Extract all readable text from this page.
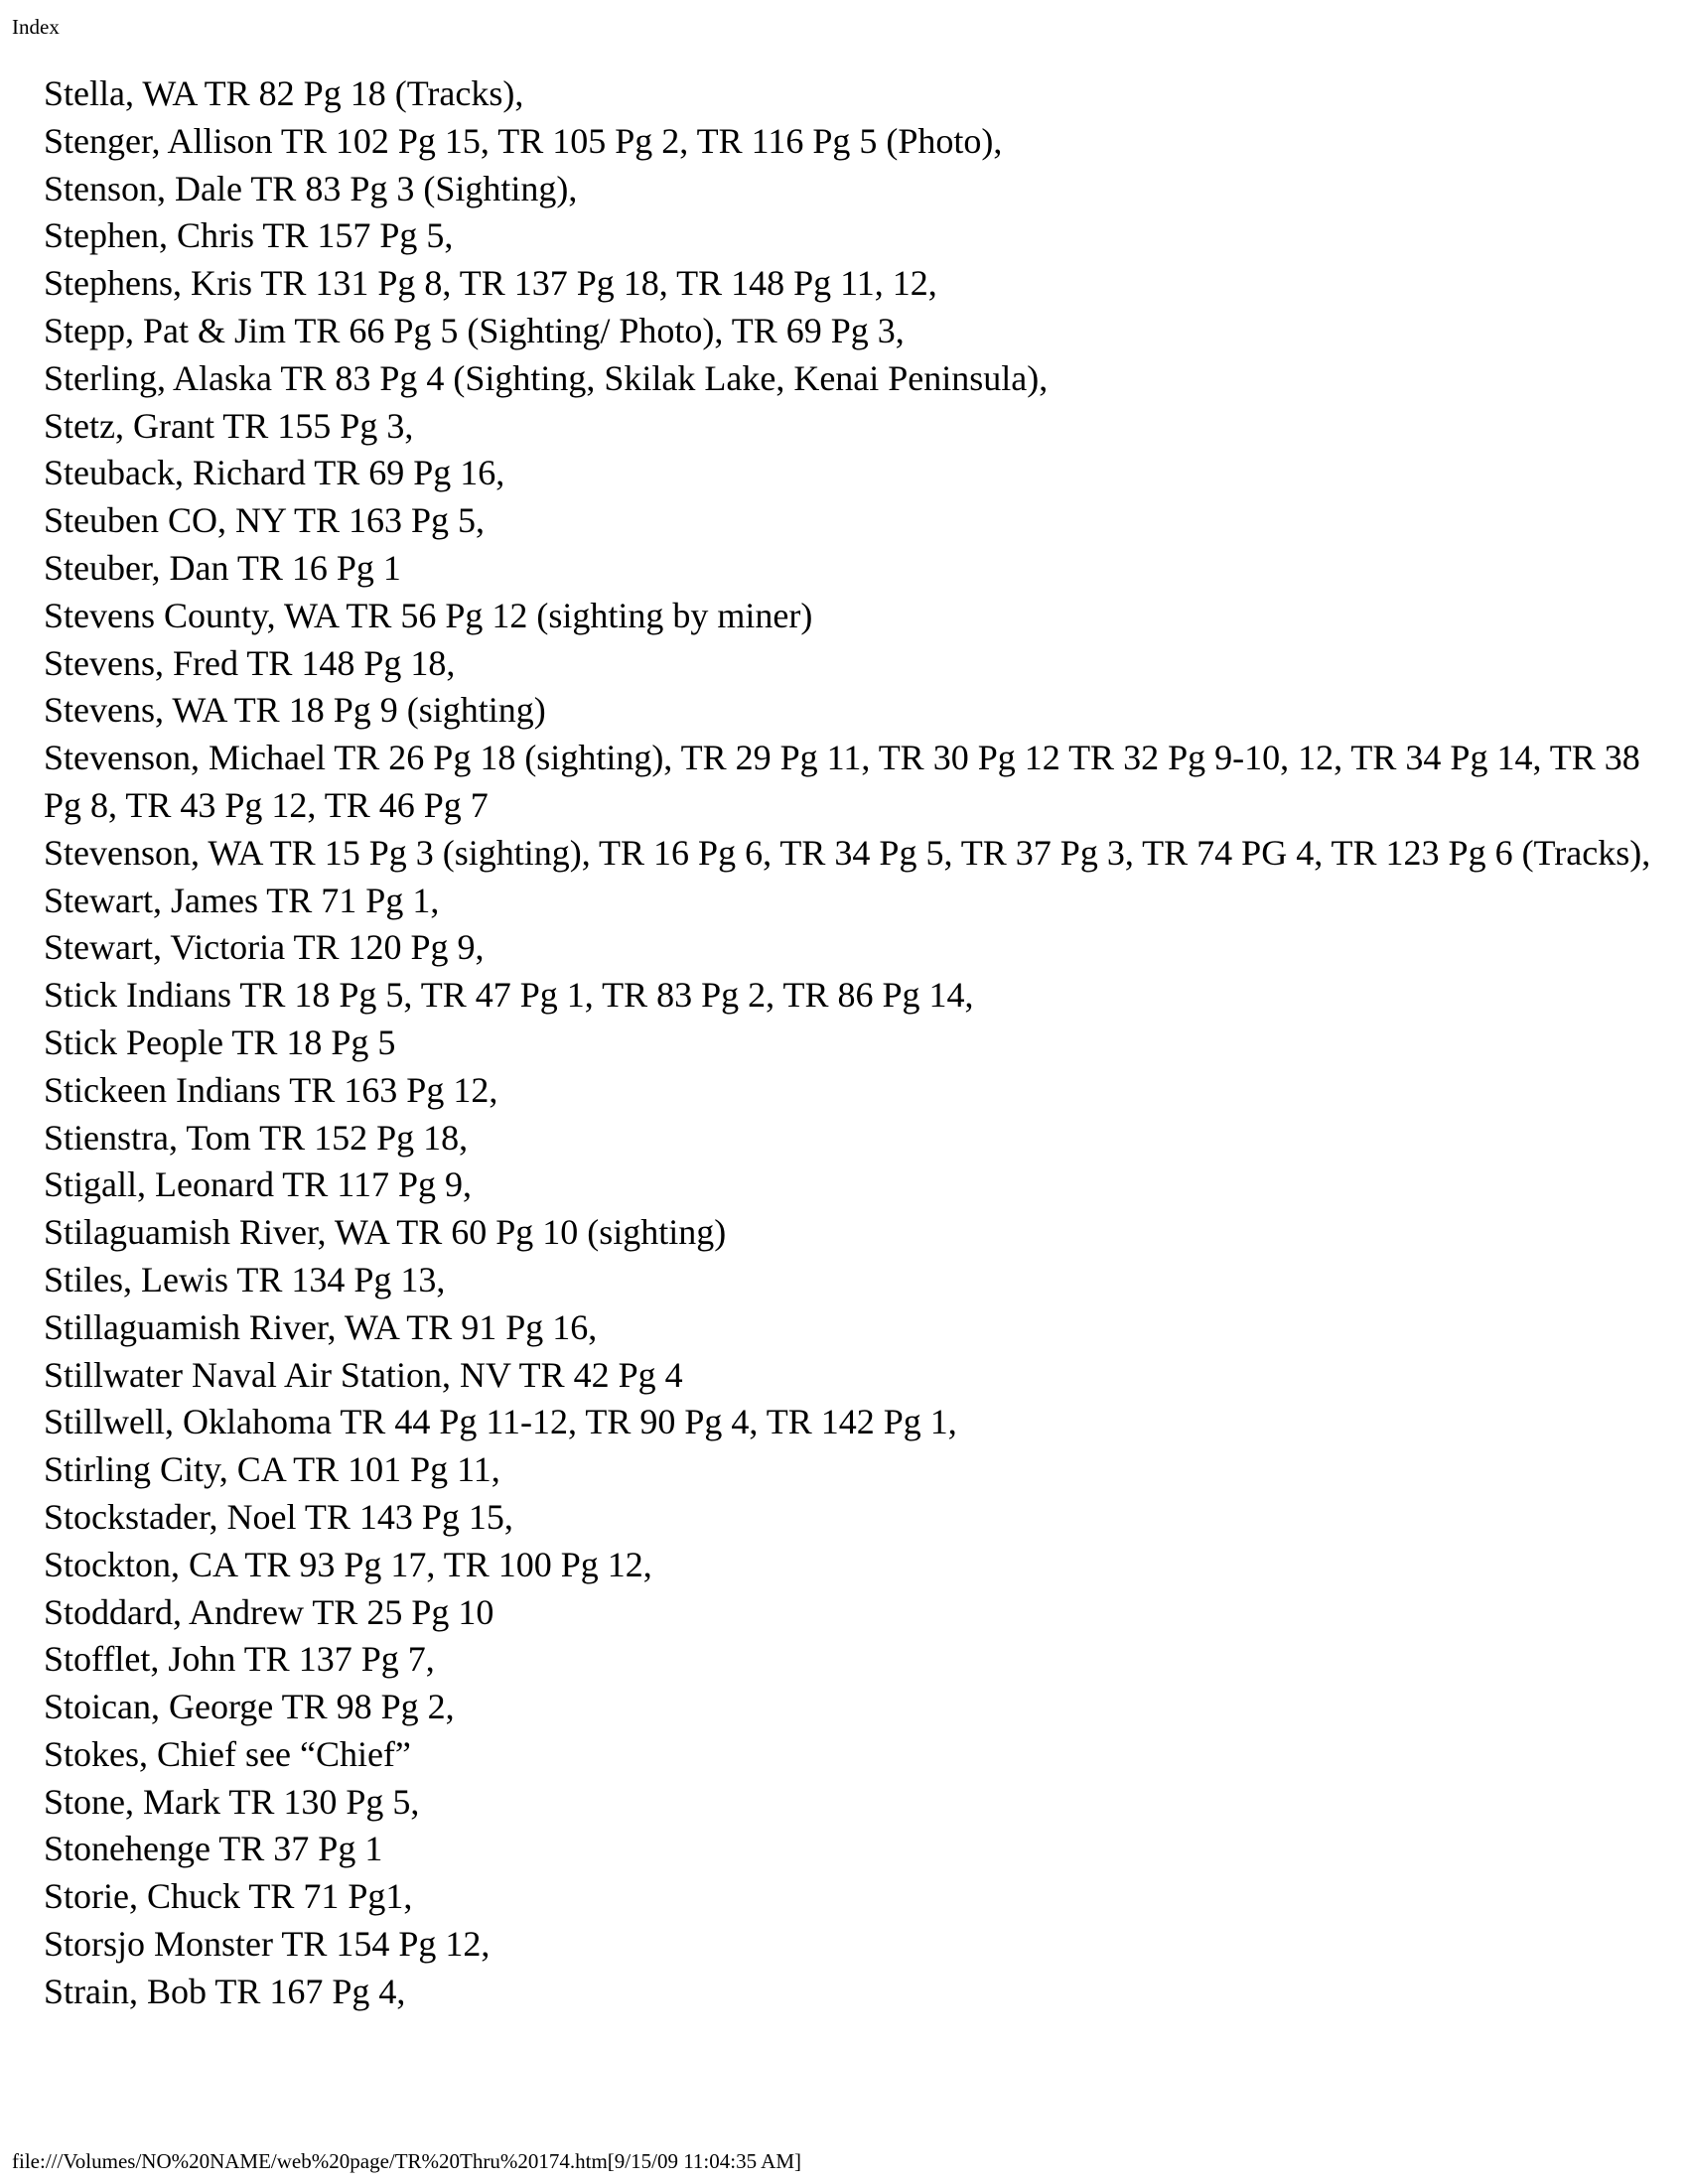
Index
Stella, WA TR 82 Pg 18 (Tracks),
Stenger, Allison TR 102 Pg 15, TR 105 Pg 2, TR 116 Pg 5 (Photo),
Stenson, Dale TR 83 Pg 3 (Sighting),
Stephen, Chris TR 157 Pg 5,
Stephens, Kris TR 131 Pg 8, TR 137 Pg 18, TR 148 Pg 11, 12,
Stepp, Pat & Jim TR 66 Pg 5 (Sighting/ Photo), TR 69 Pg 3,
Sterling, Alaska TR 83 Pg 4 (Sighting, Skilak Lake, Kenai Peninsula),
Stetz, Grant TR 155 Pg 3,
Steuback, Richard TR 69 Pg 16,
Steuben CO, NY TR 163 Pg 5,
Steuber, Dan TR 16 Pg 1
Stevens County, WA TR 56 Pg 12 (sighting by miner)
Stevens, Fred TR 148 Pg 18,
Stevens, WA TR 18 Pg 9 (sighting)
Stevenson, Michael TR 26 Pg 18 (sighting), TR 29 Pg 11, TR 30 Pg 12 TR 32 Pg 9-10, 12, TR 34 Pg 14, TR 38 Pg 8, TR 43 Pg 12, TR 46 Pg 7
Stevenson, WA TR 15 Pg 3 (sighting), TR 16 Pg 6, TR 34 Pg 5, TR 37 Pg 3, TR 74 PG 4, TR 123 Pg 6 (Tracks),
Stewart, James TR 71 Pg 1,
Stewart, Victoria TR 120 Pg 9,
Stick Indians TR 18 Pg 5, TR 47 Pg 1, TR 83 Pg 2, TR 86 Pg 14,
Stick People TR 18 Pg 5
Stickeen Indians TR 163 Pg 12,
Stienstra, Tom TR 152 Pg 18,
Stigall, Leonard TR 117 Pg 9,
Stilaguamish River, WA TR 60 Pg 10 (sighting)
Stiles, Lewis TR 134 Pg 13,
Stillaguamish River, WA TR 91 Pg 16,
Stillwater Naval Air Station, NV TR 42 Pg 4
Stillwell, Oklahoma TR 44 Pg 11-12, TR 90 Pg 4, TR 142 Pg 1,
Stirling City, CA TR 101 Pg 11,
Stockstader, Noel TR 143 Pg 15,
Stockton, CA TR 93 Pg 17, TR 100 Pg 12,
Stoddard, Andrew TR 25 Pg 10
Stofflet, John TR 137 Pg 7,
Stoican, George TR 98 Pg 2,
Stokes, Chief see “Chief”
Stone, Mark TR 130 Pg 5,
Stonehenge TR 37 Pg 1
Storie, Chuck TR 71 Pg1,
Storsjo Monster TR 154 Pg 12,
Strain, Bob TR 167 Pg 4,
file:///Volumes/NO%20NAME/web%20page/TR%20Thru%20174.htm[9/15/09 11:04:35 AM]
